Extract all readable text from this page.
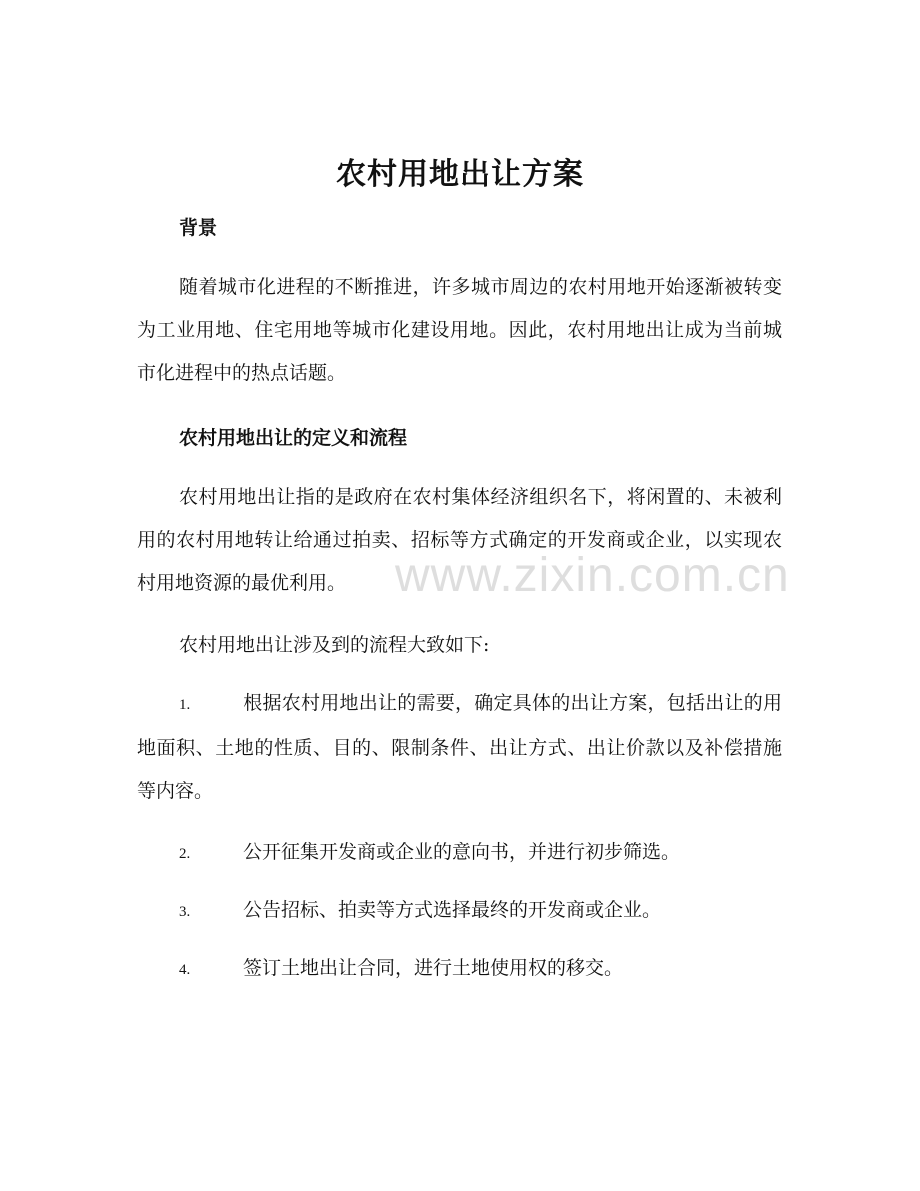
农村用地出让方案
背景

随着城市化进程的不断推进，许多城市周边的农村用地开始逐渐被转变为工业用地、住宅用地等城市化建设用地。因此，农村用地出让成为当前城市化进程中的热点话题。

农村用地出让的定义和流程

农村用地出让指的是政府在农村集体经济组织名下，将闲置的、未被利用的农村用地转让给通过拍卖、招标等方式确定的开发商或企业，以实现农村用地资源的最优利用。

农村用地出让涉及到的流程大致如下:

1.	根据农村用地出让的需要，确定具体的出让方案，包括出让的用地面积、土地的性质、目的、限制条件、出让方式、出让价款以及补偿措施等内容。

2.	公开征集开发商或企业的意向书，并进行初步筛选。

3.	公告招标、拍卖等方式选择最终的开发商或企业。

4.	签订土地出让合同，进行土地使用权的移交。

www.zixin.com.cn
